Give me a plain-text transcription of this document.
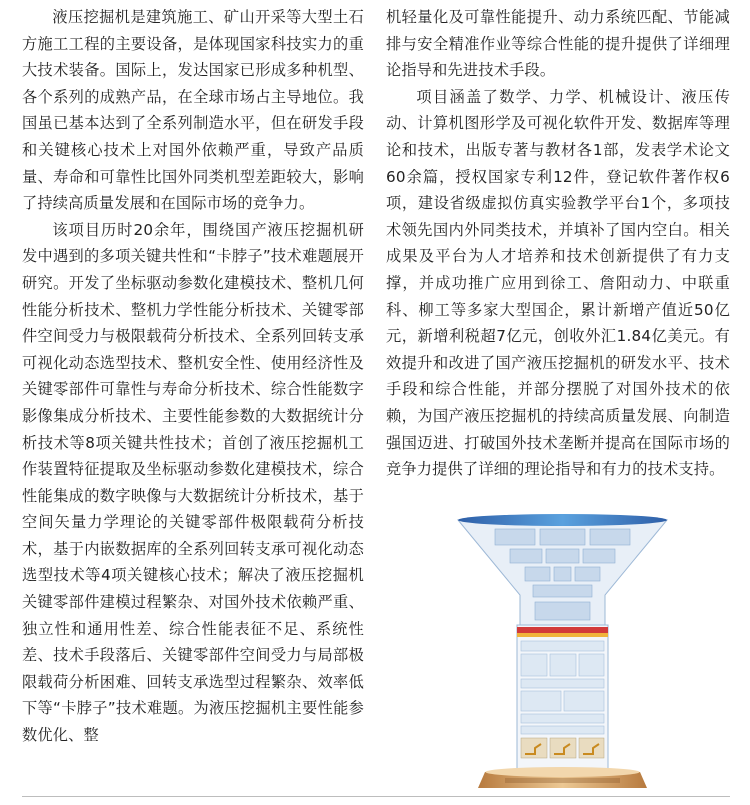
液压挖掘机是建筑施工、矿山开采等大型土石方施工工程的主要设备，是体现国家科技实力的重大技术装备。国际上，发达国家已形成多种机型、各个系列的成熟产品，在全球市场占主导地位。我国虽已基本达到了全系列制造水平，但在研发手段和关键核心技术上对国外依赖严重，导致产品质量、寿命和可靠性比国外同类机型差距较大，影响了持续高质量发展和在国际市场的竞争力。

该项目历时20余年，围绕国产液压挖掘机研发中遇到的多项关键共性和“卡脖子”技术难题展开研究。开发了坐标驱动参数化建模技术、整机几何性能分析技术、整机力学性能分析技术、关键零部件空间受力与极限载荷分析技术、全系列回转支承可视化动态选型技术、整机安全性、使用经济性及关键零部件可靠性与寿命分析技术、综合性能数字影像集成分析技术、主要性能参数的大数据统计分析技术等8项关键共性技术；首创了液压挖掘机工作装置特征提取及坐标驱动参数化建模技术，综合性能集成的数字映像与大数据统计分析技术，基于空间矢量力学理论的关键零部件极限载荷分析技术，基于内嵌数据库的全系列回转支承可视化动态选型技术等4项关键核心技术；解决了液压挖掘机关键零部件建模过程繁杂、对国外技术依赖严重、独立性和通用性差、综合性能表征不足、系统性差、技术手段落后、关键零部件空间受力与局部极限载荷分析困难、回转支承选型过程繁杂、效率低下等“卡脖子”技术难题。为液压挖掘机主要性能参数优化、整

机轻量化及可靠性能提升、动力系统匹配、节能减排与安全精准作业等综合性能的提升提供了详细理论指导和先进技术手段。

项目涵盖了数学、力学、机械设计、液压传动、计算机图形学及可视化软件开发、数据库等理论和技术，出版专著与教材各1部，发表学术论文60余篇，授权国家专利12件，登记软件著作权6项，建设省级虚拟仿真实验教学平台1个，多项技术领先国内外同类技术，并填补了国内空白。相关成果及平台为人才培养和技术创新提供了有力支撑，并成功推广应用到徐工、詹阳动力、中联重科、柳工等多家大型国企，累计新增产值近50亿元，新增利税超7亿元，创收外汇1.84亿美元。有效提升和改进了国产液压挖掘机的研发水平、技术手段和综合性能，并部分摆脱了对国外技术的依赖，为国产液压挖掘机的持续高质量发展、向制造强国迈进、打破国外技术垄断并提高在国际市场的竞争力提供了详细的理论指导和有力的技术支持。
